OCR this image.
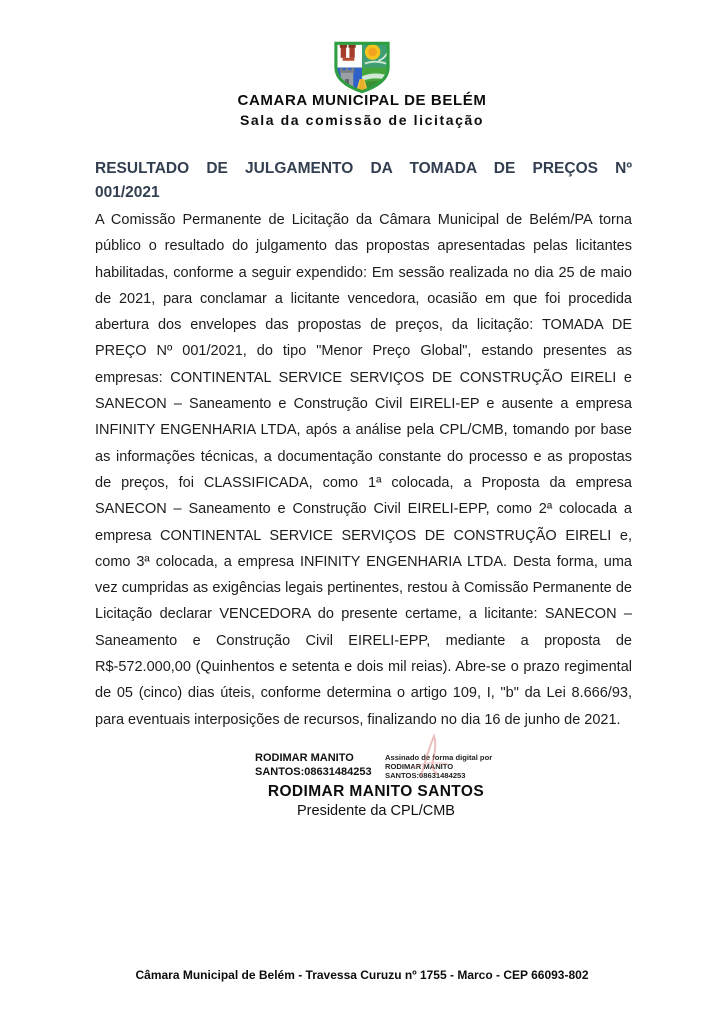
CAMARA MUNICIPAL DE BELÉM
Sala da comissão de licitação
RESULTADO DE JULGAMENTO DA TOMADA DE PREÇOS Nº
001/2021

A Comissão Permanente de Licitação da Câmara Municipal de Belém/PA torna público o resultado do julgamento das propostas apresentadas pelas licitantes habilitadas, conforme a seguir expendido: Em sessão realizada no dia 25 de maio de 2021, para conclamar a licitante vencedora, ocasião em que foi procedida abertura dos envelopes das propostas de preços, da licitação: TOMADA DE PREÇO Nº 001/2021, do tipo "Menor Preço Global", estando presentes as empresas: CONTINENTAL SERVICE SERVIÇOS DE CONSTRUÇÃO EIRELI e SANECON – Saneamento e Construção Civil EIRELI-EP e ausente a empresa INFINITY ENGENHARIA LTDA, após a análise pela CPL/CMB, tomando por base as informações técnicas, a documentação constante do processo e as propostas de preços, foi CLASSIFICADA, como 1ª colocada, a Proposta da empresa SANECON – Saneamento e Construção Civil EIRELI-EPP, como 2ª colocada a empresa CONTINENTAL SERVICE SERVIÇOS DE CONSTRUÇÃO EIRELI e, como 3ª colocada, a empresa INFINITY ENGENHARIA LTDA. Desta forma, uma vez cumpridas as exigências legais pertinentes, restou à Comissão Permanente de Licitação declarar VENCEDORA do presente certame, a licitante: SANECON – Saneamento e Construção Civil EIRELI-EPP, mediante a proposta de R$-572.000,00 (Quinhentos e setenta e dois mil reias). Abre-se o prazo regimental de 05 (cinco) dias úteis, conforme determina o artigo 109, I, "b" da Lei 8.666/93, para eventuais interposições de recursos, finalizando no dia 16 de junho de 2021.

RODIMAR MANITO SANTOS:08631484253
Assinado de forma digital por RODIMAR MANITO SANTOS:08631484253
RODIMAR MANITO SANTOS
Presidente da CPL/CMB
Câmara Municipal de Belém - Travessa Curuzu nº 1755 - Marco - CEP 66093-802
